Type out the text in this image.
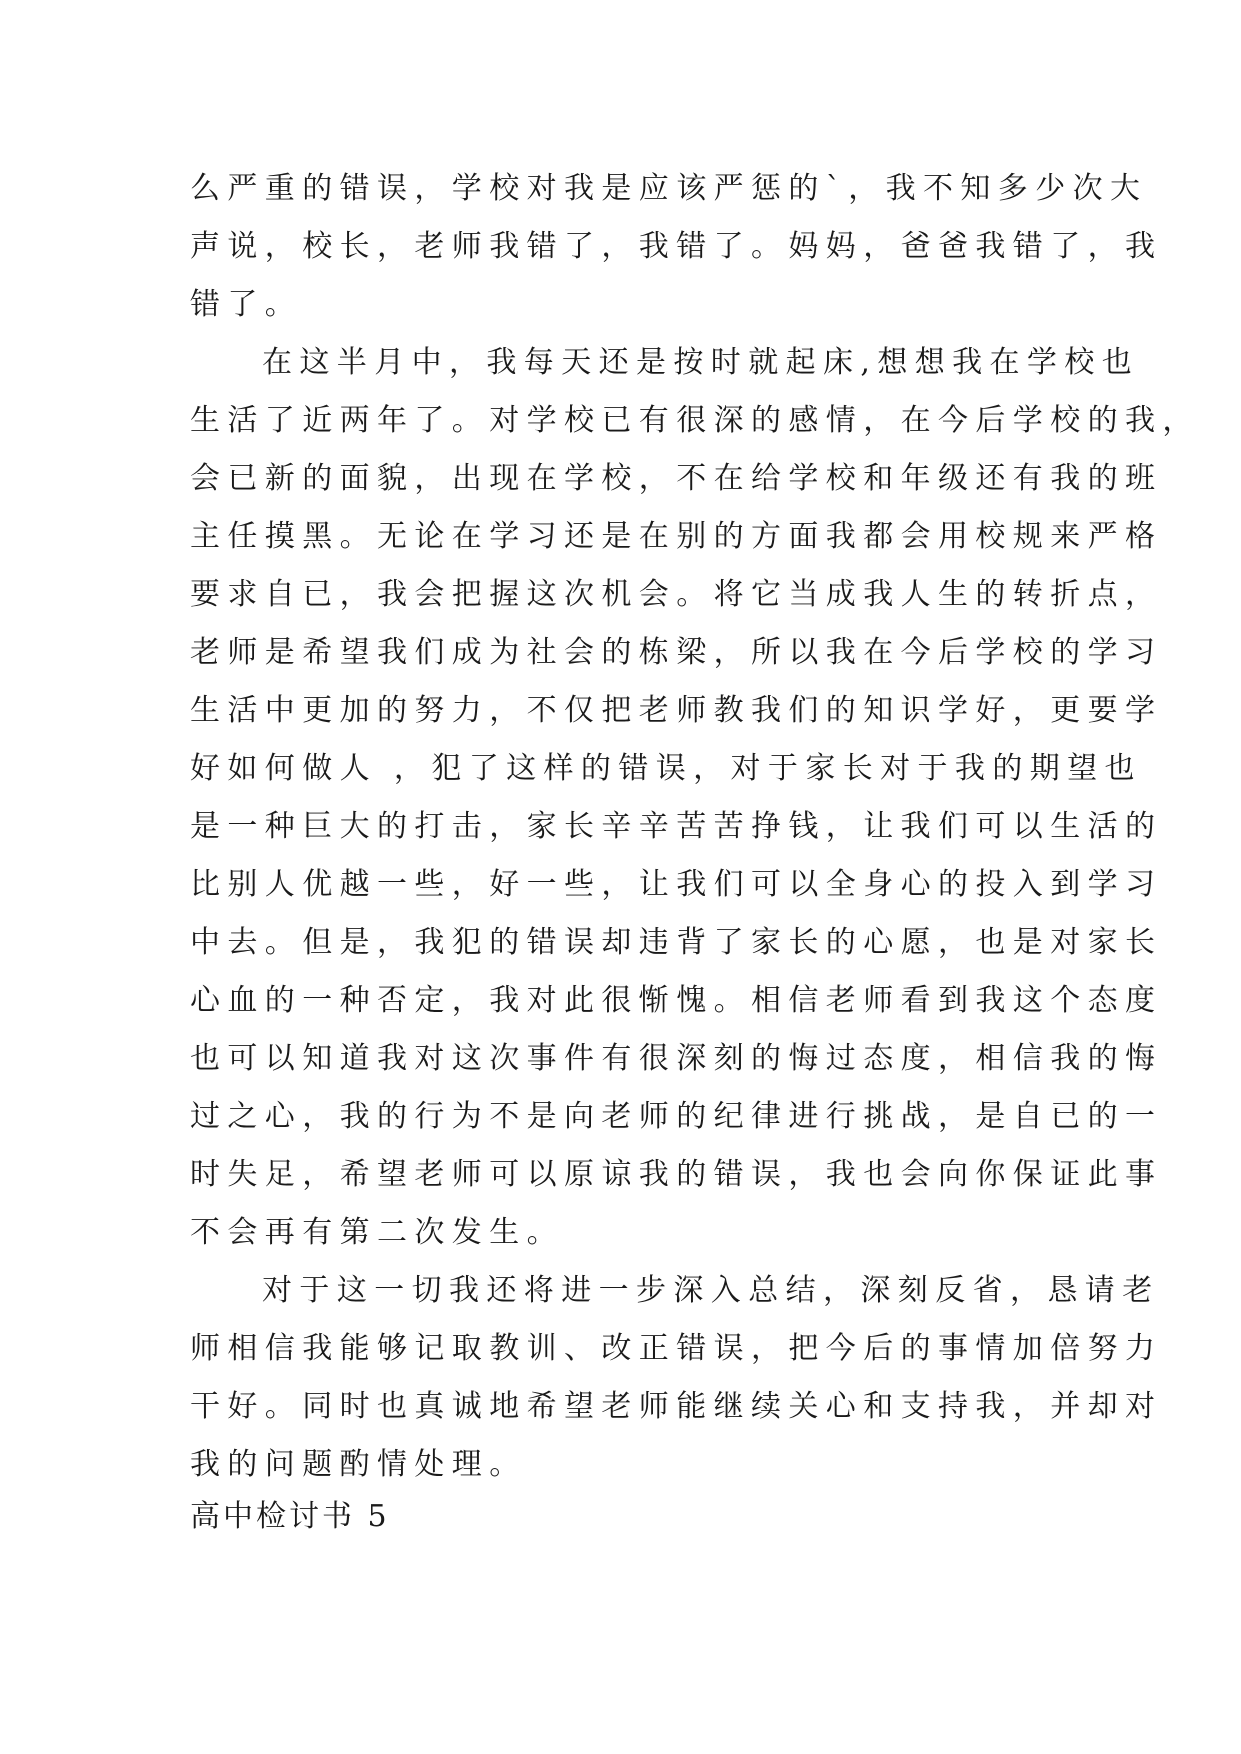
么严重的错误，学校对我是应该严惩的`，我不知多少次大
声说，校长，老师我错了，我错了。妈妈，爸爸我错了，我
错了。
在这半月中，我每天还是按时就起床,想想我在学校也
生活了近两年了。对学校已有很深的感情，在今后学校的我，
会已新的面貌，出现在学校，不在给学校和年级还有我的班
主任摸黑。无论在学习还是在别的方面我都会用校规来严格
要求自已，我会把握这次机会。将它当成我人生的转折点，
老师是希望我们成为社会的栋梁，所以我在今后学校的学习
生活中更加的努力，不仅把老师教我们的知识学好，更要学
好如何做人 ，犯了这样的错误，对于家长对于我的期望也
是一种巨大的打击，家长辛辛苦苦挣钱，让我们可以生活的
比别人优越一些，好一些，让我们可以全身心的投入到学习
中去。但是，我犯的错误却违背了家长的心愿，也是对家长
心血的一种否定，我对此很惭愧。相信老师看到我这个态度
也可以知道我对这次事件有很深刻的悔过态度，相信我的悔
过之心，我的行为不是向老师的纪律进行挑战，是自已的一
时失足，希望老师可以原谅我的错误，我也会向你保证此事
不会再有第二次发生。
对于这一切我还将进一步深入总结，深刻反省，恳请老
师相信我能够记取教训、改正错误，把今后的事情加倍努力
干好。同时也真诚地希望老师能继续关心和支持我，并却对
我的问题酌情处理。
高中检讨书 5
